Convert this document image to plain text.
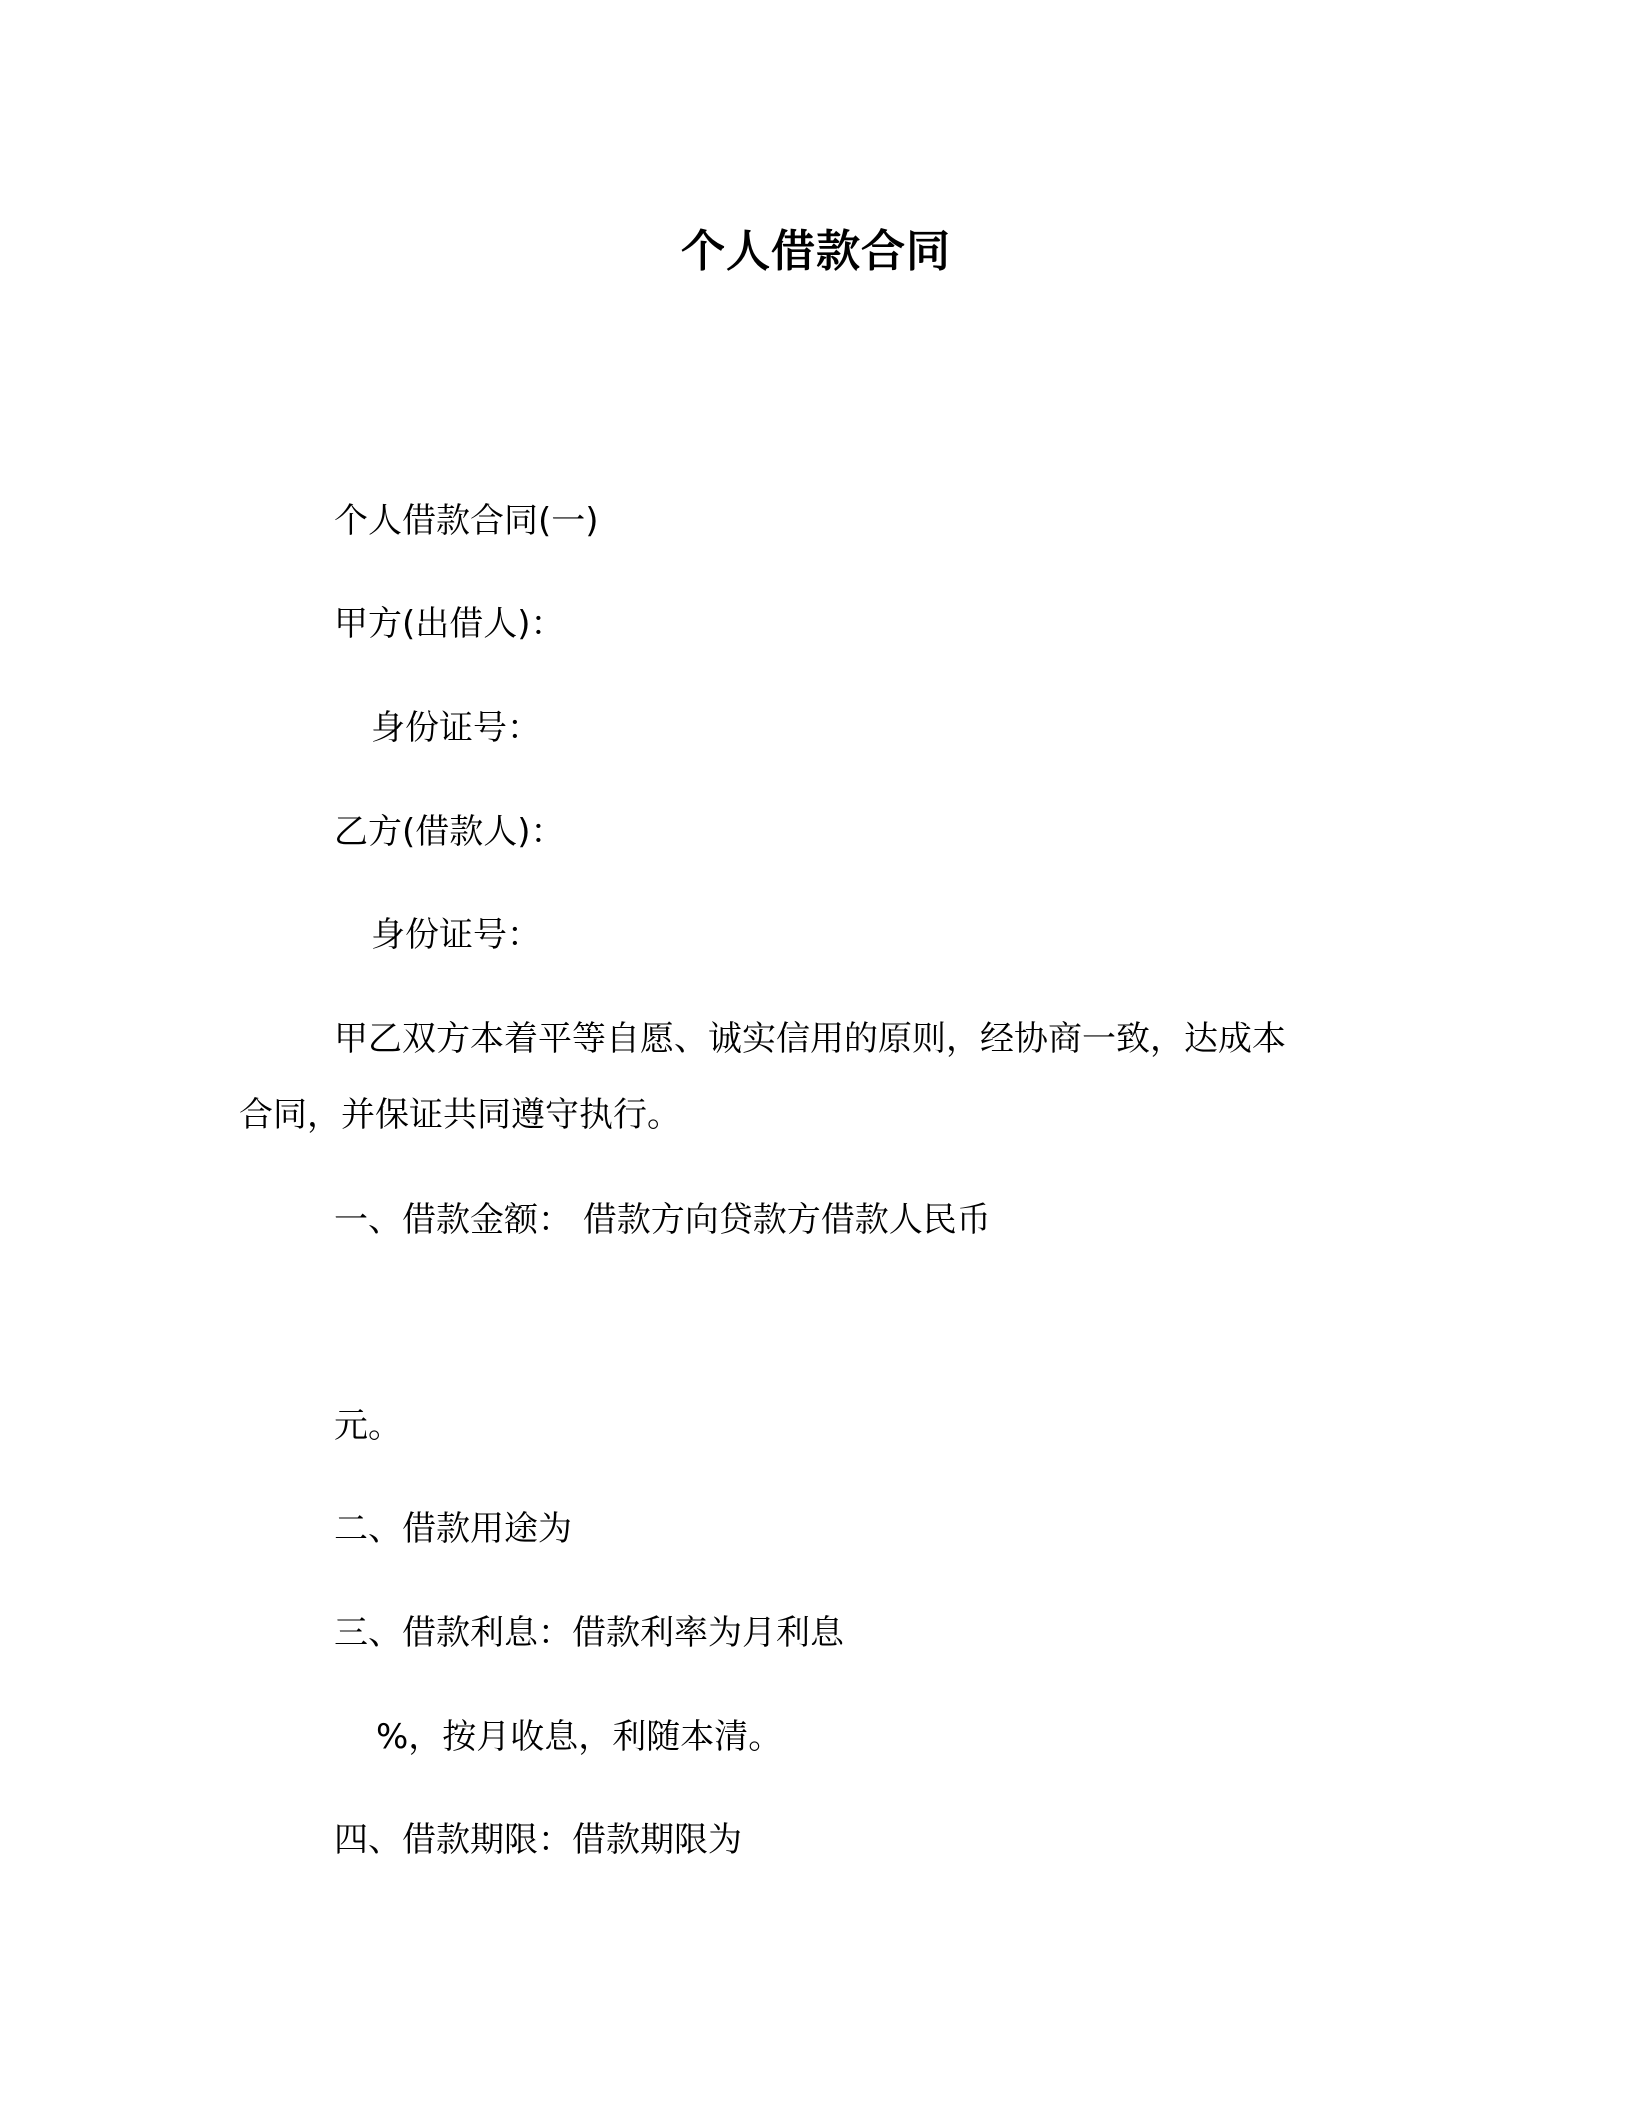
个人借款合同
个人借款合同(一)
甲方(出借人)：
身份证号：
乙方(借款人)：
身份证号：
甲乙双方本着平等自愿、诚实信用的原则，经协商一致，达成本
合同，并保证共同遵守执行。
一、借款金额： 借款方向贷款方借款人民币
元。
二、借款用途为
三、借款利息：借款利率为月利息
%，按月收息，利随本清。
四、借款期限：借款期限为
